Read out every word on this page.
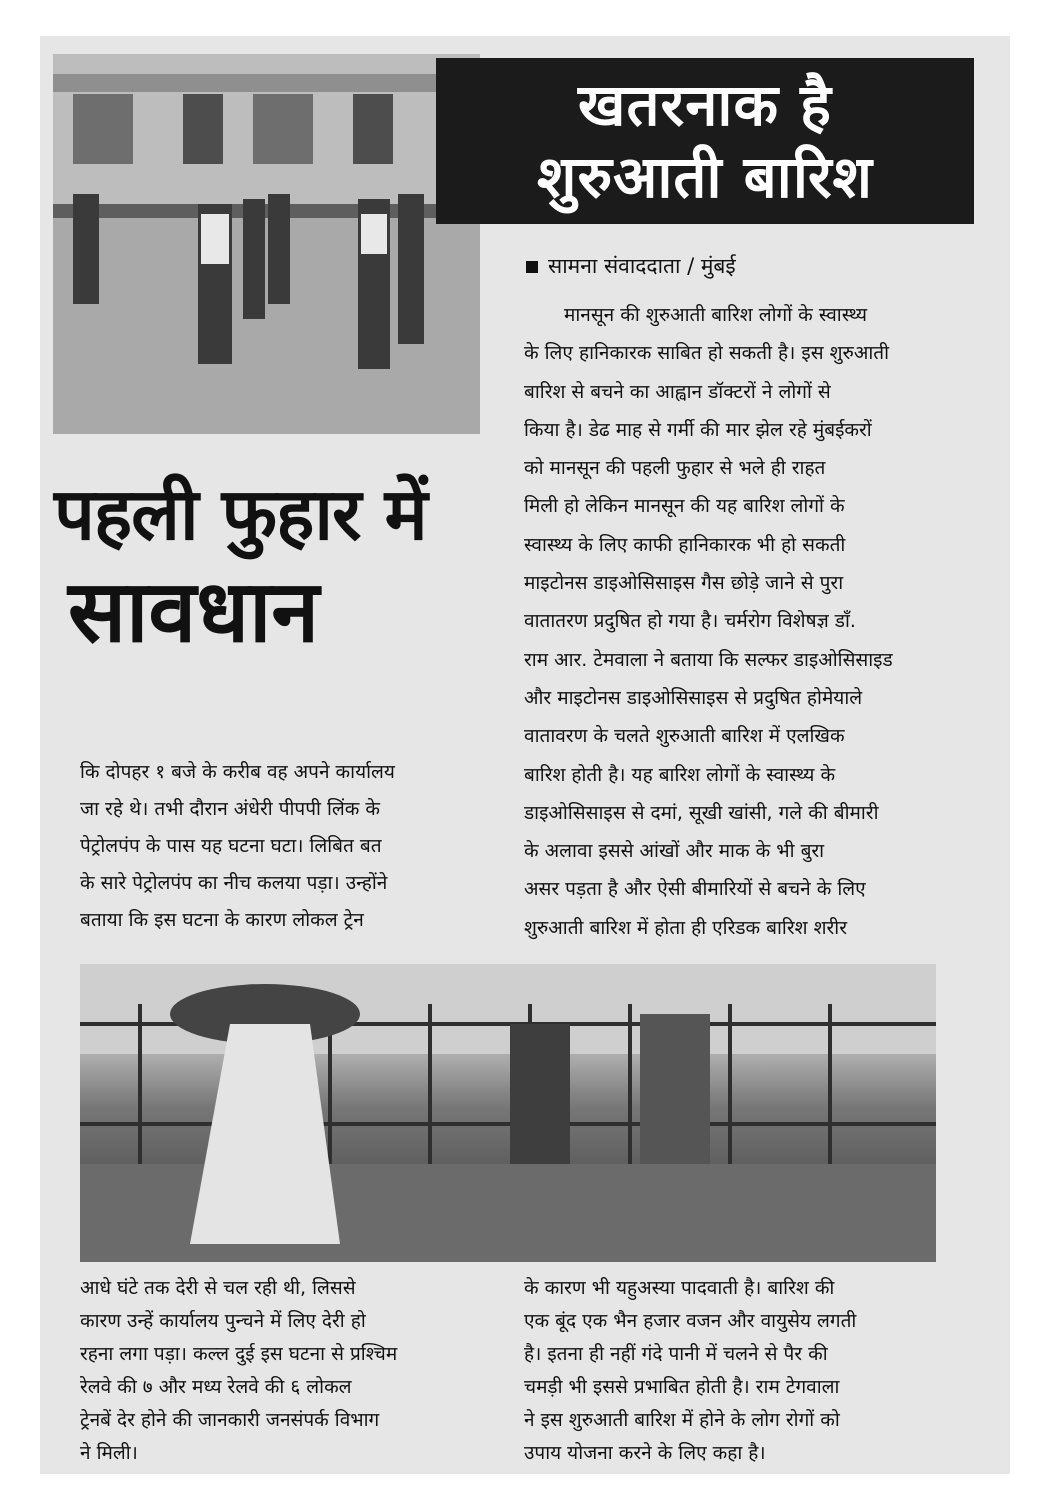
खतरनाक है
शुरुआती बारिश
सामना संवाददाता / मुंबई
पहली फुहार में
सावधान
मानसून की शुरुआती बारिश लोगों के स्वास्थ्य
के लिए हानिकारक साबित हो सकती है। इस शुरुआती
बारिश से बचने का आह्वान डॉक्टरों ने लोगों से
किया है। डेढ माह से गर्मी की मार झेल रहे मुंबईकरों
को मानसून की पहली फुहार से भले ही राहत
मिली हो लेकिन मानसून की यह बारिश लोगों के
स्वास्थ्य के लिए काफी हानिकारक भी हो सकती
माइटोनस डाइओसिसाइस गैस छोड़े जाने से पुरा
वातातरण प्रदुषित हो गया है। चर्मरोग विशेषज्ञ डॉं.
राम आर. टेमवाला ने बताया कि सल्फर डाइओसिसाइड
और माइटोनस डाइओसिसाइस से प्रदुषित होमेयाले
वातावरण के चलते शुरुआती बारिश में एलखिक
बारिश होती है। यह बारिश लोगों के स्वास्थ्य के
डाइओसिसाइस से दमां, सूखी खांसी, गले की बीमारी
के अलावा इससे आंखों और माक के भी बुरा
असर पड़ता है और ऐसी बीमारियों से बचने के लिए
शुरुआती बारिश में होता ही एरिडक बारिश शरीर
कि दोपहर १ बजे के करीब वह अपने कार्यालय
जा रहे थे। तभी दौरान अंधेरी पीपपी लिंक के
पेट्रोलपंप के पास यह घटना घटा। लिबित बत
के सारे पेट्रोलपंप का नीच कलया पड़ा। उन्होंने
बताया कि इस घटना के कारण लोकल ट्रेन
आधे घंटे तक देरी से चल रही थी, लिससे
कारण उन्हें कार्यालय पुन्चने में लिए देरी हो
रहना लगा पड़ा। कल्ल दुई इस घटना से प्रश्चिम
रेलवे की ७ और मध्य रेलवे की ६ लोकल
ट्रेनबें देर होने की जानकारी जनसंपर्क विभाग
ने मिली।
के कारण भी यहुअस्या पादवाती है। बारिश की
एक बूंद एक भैन हजार वजन और वायुसेय लगती
है। इतना ही नहीं गंदे पानी में चलने से पैर की
चमड़ी भी इससे प्रभाबित होती है। राम टेगवाला
ने इस शुरुआती बारिश में होने के लोग रोगों को
उपाय योजना करने के लिए कहा है।
